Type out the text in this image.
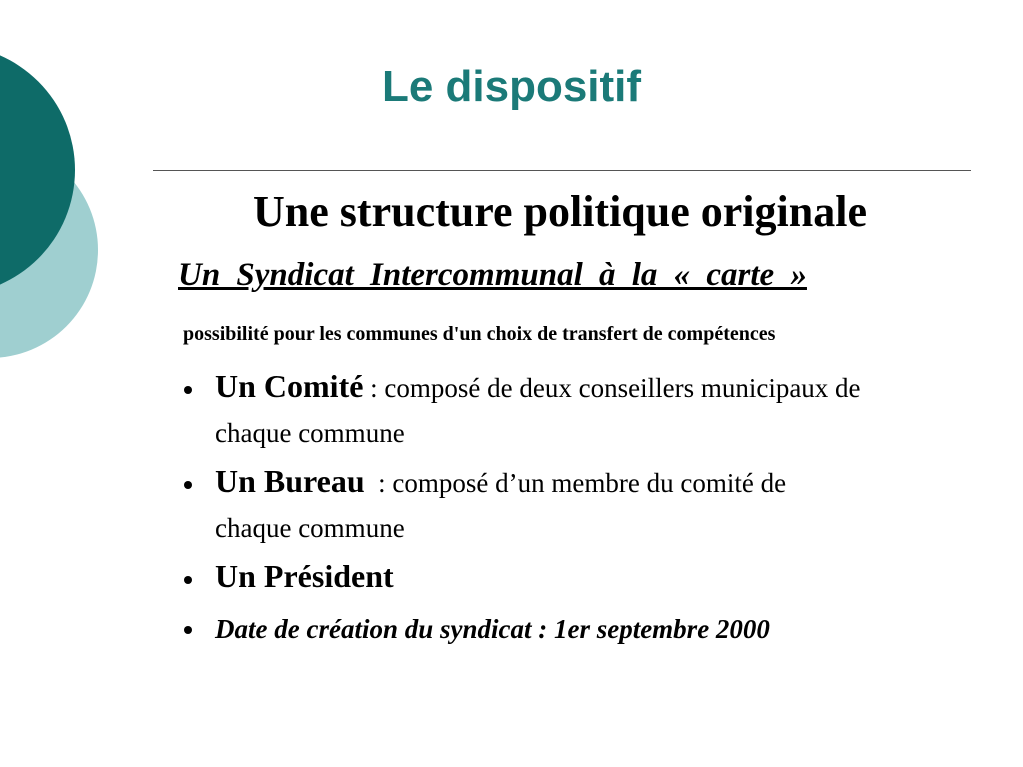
Le dispositif
Une structure politique originale
Un Syndicat Intercommunal à la « carte »
possibilité pour les communes d'un choix de transfert de compétences
Un Comité : composé de deux conseillers municipaux de
chaque commune
Un Bureau  : composé d’un membre du comité de
chaque commune
Un Président
Date de création du syndicat : 1er septembre 2000
